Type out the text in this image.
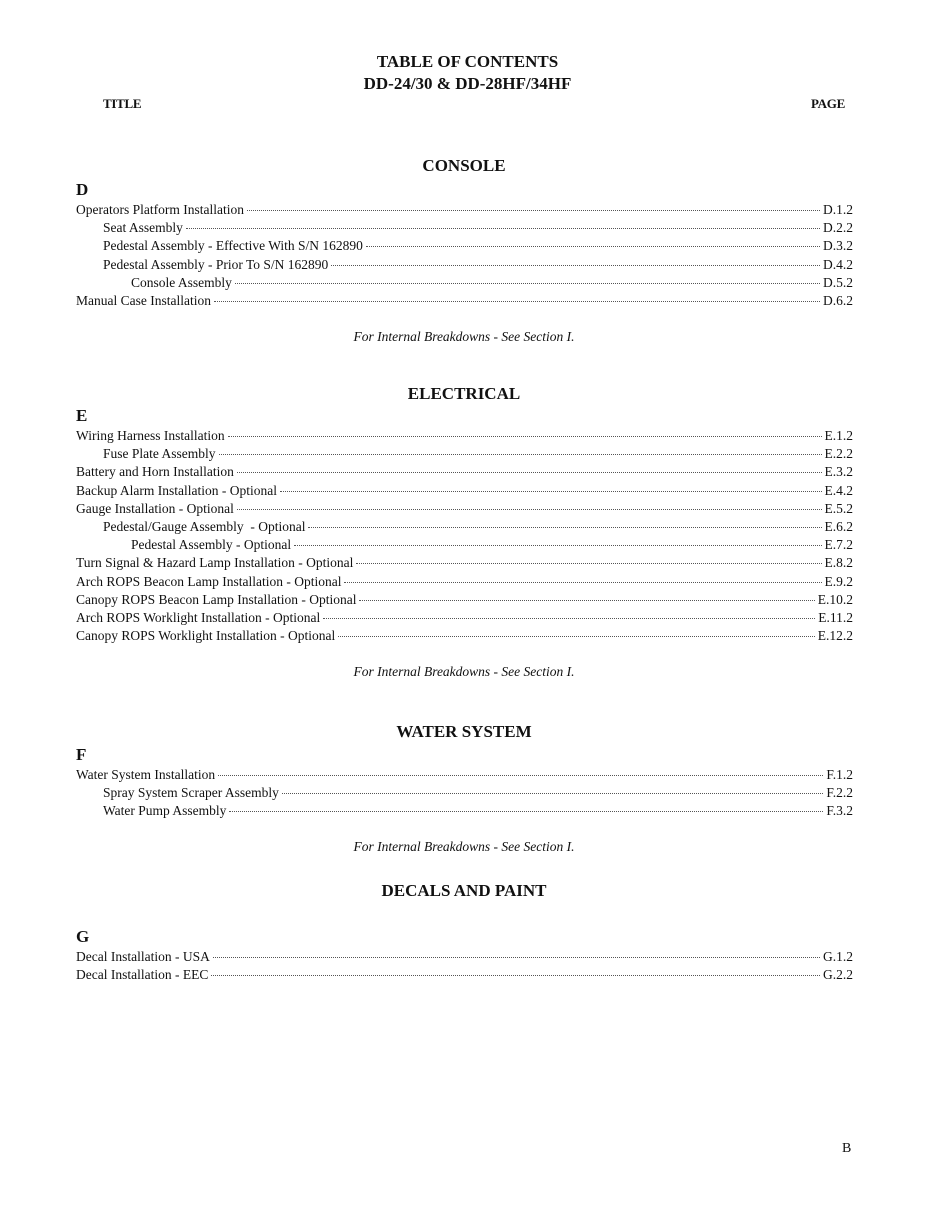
TABLE OF CONTENTS
DD-24/30 & DD-28HF/34HF
TITLE	PAGE
CONSOLE
D
Operators Platform Installation	D.1.2
Seat Assembly	D.2.2
Pedestal Assembly - Effective With S/N 162890	D.3.2
Pedestal Assembly - Prior To S/N 162890	D.4.2
Console Assembly	D.5.2
Manual Case Installation	D.6.2
For Internal Breakdowns - See Section I.
ELECTRICAL
E
Wiring Harness Installation	E.1.2
Fuse Plate Assembly	E.2.2
Battery and Horn Installation	E.3.2
Backup Alarm Installation - Optional	E.4.2
Gauge Installation - Optional	E.5.2
Pedestal/Gauge Assembly  - Optional	E.6.2
Pedestal Assembly - Optional	E.7.2
Turn Signal & Hazard Lamp Installation - Optional	E.8.2
Arch ROPS Beacon Lamp Installation - Optional	E.9.2
Canopy ROPS Beacon Lamp Installation - Optional	E.10.2
Arch ROPS Worklight Installation - Optional	E.11.2
Canopy ROPS Worklight Installation - Optional	E.12.2
For Internal Breakdowns - See Section I.
WATER SYSTEM
F
Water System Installation	F.1.2
Spray System Scraper Assembly	F.2.2
Water Pump Assembly	F.3.2
For Internal Breakdowns - See Section I.
DECALS AND PAINT
G
Decal Installation - USA	G.1.2
Decal Installation - EEC	G.2.2
B
